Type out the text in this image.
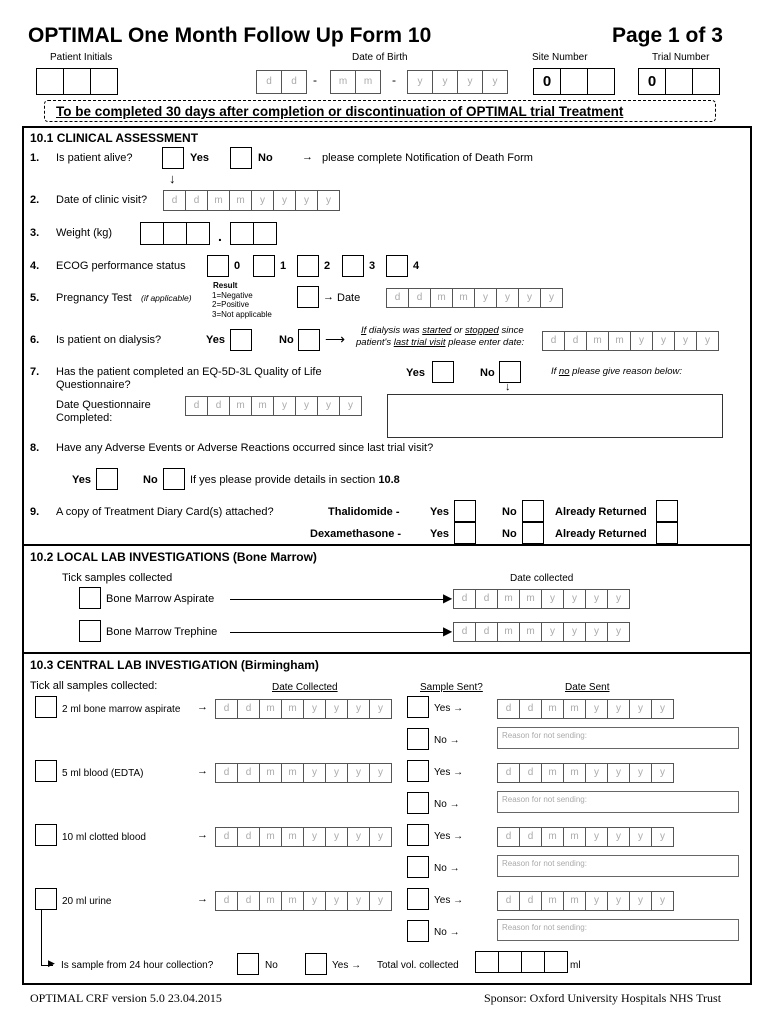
OPTIMAL One Month Follow Up Form 10	Page 1 of 3
Patient Initials	Date of Birth	Site Number	Trial Number
d	d	-	m	m	-	y	y	y	y	0	0
To be completed 30 days after completion or discontinuation of OPTIMAL trial Treatment
10.1 CLINICAL ASSESSMENT
1. Is patient alive?	Yes	No	→ please complete Notification of Death Form
↓
2. Date of clinic visit?	d	d	m	m	y	y	y	y
3. Weight (kg)	.
4. ECOG performance status	0	1	2	3	4
5. Pregnancy Test (if applicable)
Result
1=Negative
2=Positive
3=Not applicable
→ Date	d	d	m	m	y	y	y	y
6. Is patient on dialysis?	Yes	No ⟶
If dialysis was started or stopped since
patient's last trial visit please enter date:	d	d	m	m	y	y	y	y
7. Has the patient completed an EQ-5D-3L Quality of Life
Questionnaire?
Yes	No
↓
If no please give reason below:
Date Questionnaire
Completed:
d	d	m	m	y	y	y	y
8. Have any Adverse Events or Adverse Reactions occurred since last trial visit?
Yes	No	If yes please provide details in section 10.8
9. A copy of Treatment Diary Card(s) attached?	Thalidomide -	Yes	No	Already Returned
Dexamethasone -	Yes	No	Already Returned
10.2 LOCAL LAB INVESTIGATIONS (Bone Marrow)
Tick samples collected	Date collected
Bone Marrow Aspirate	▶ d	d	m	m	y	y	y	y
Bone Marrow Trephine	▶ d	d	m	m	y	y	y	y
10.3 CENTRAL LAB INVESTIGATION (Birmingham)
Tick all samples collected:	Date Collected	Sample Sent?	Date Sent
2 ml bone marrow aspirate →	d	d	m	m	y	y	y	y	Yes →	d	d	m	m	y	y	y	y
No →	Reason for not sending:
5 ml blood (EDTA)	→	d	d	m	m	y	y	y	y	Yes →	d	d	m	m	y	y	y	y
No →	Reason for not sending:
10 ml clotted blood	→	d	d	m	m	y	y	y	y	Yes →	d	d	m	m	y	y	y	y
No →	Reason for not sending:
20 ml urine	→	d	d	m	m	y	y	y	y	Yes →	d	d	m	m	y	y	y	y
No →	Reason for not sending:
▶ Is sample from 24 hour collection?	No	Yes → Total vol. collected	ml
OPTIMAL CRF version 5.0 23.04.2015	Sponsor: Oxford University Hospitals NHS Trust
